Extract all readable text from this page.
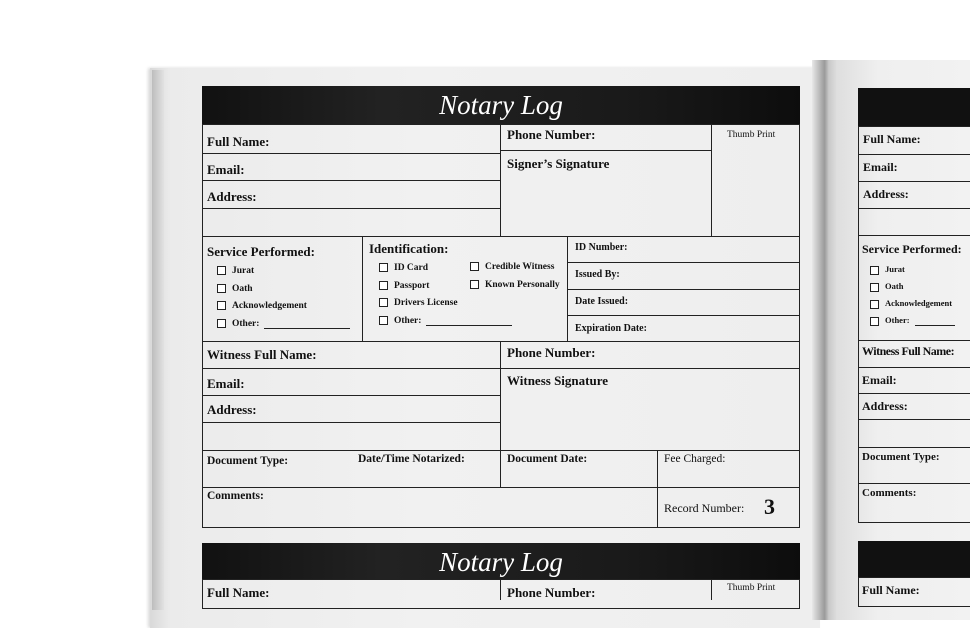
Notary Log
Full Name:
Email:
Address:
Phone Number:
Signer’s Signature
Thumb Print
Service Performed:
Jurat
Oath
Acknowledgement
Other:
Identification:
ID Card
Passport
Drivers License
Other:
Credible Witness
Known Personally
ID Number:
Issued By:
Date Issued:
Expiration Date:
Witness Full Name:
Email:
Address:
Phone Number:
Witness Signature
Document Type:	Date/Time Notarized:	Document Date:	Fee Charged:
Comments:
Record Number: 3
Notary Log
Full Name:	Phone Number:	Thumb Print
Full Name:
Email:
Address:
Service Performed:
Jurat
Oath
Acknowledgement
Other:
Witness Full Name:
Email:
Address:
Document Type:
Comments:
Full Name:
